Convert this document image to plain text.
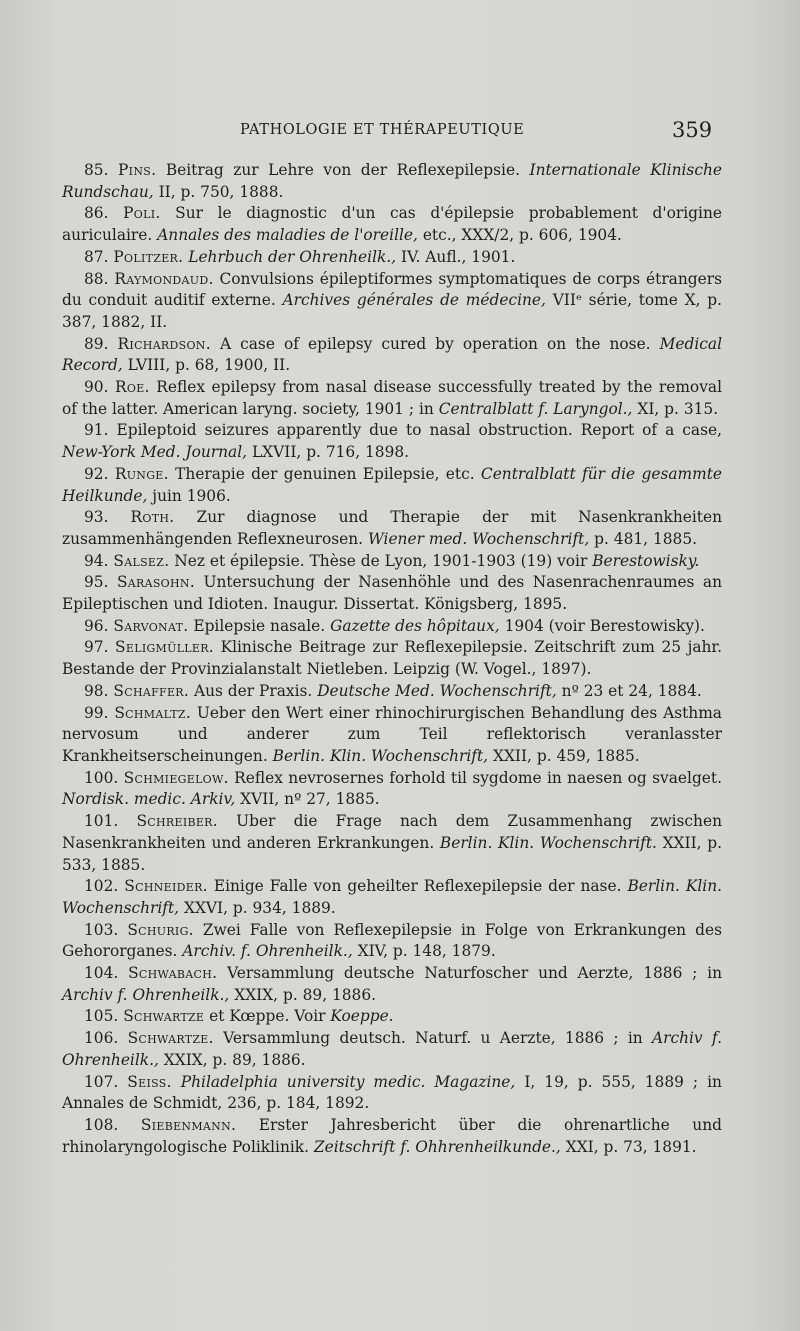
PATHOLOGIE ET THÉRAPEUTIQUE	359

85. Pins. Beitrag zur Lehre von der Reflexepilepsie. Internationale Klinische Rundschau, II, p. 750, 1888.

86. Poli. Sur le diagnostic d'un cas d'épilepsie probablement d'origine auriculaire. Annales des maladies de l'oreille, etc., XXX/2, p. 606, 1904.

87. Politzer. Lehrbuch der Ohrenheilk., IV. Aufl., 1901.

88. Raymondaud. Convulsions épileptiformes symptomatiques de corps étrangers du conduit auditif externe. Archives générales de médecine, VIIᵉ série, tome X, p. 387, 1882, II.

89. Richardson. A case of epilepsy cured by operation on the nose. Medical Record, LVIII, p. 68, 1900, II.

90. Roe. Reflex epilepsy from nasal disease successfully treated by the removal of the latter. American laryng. society, 1901 ; in Centralblatt f. Laryngol., XI, p. 315.

91. Epileptoid seizures apparently due to nasal obstruction. Report of a case, New-York Med. Journal, LXVII, p. 716, 1898.

92. Runge. Therapie der genuinen Epilepsie, etc. Centralblatt für die gesammte Heilkunde, juin 1906.

93. Roth. Zur diagnose und Therapie der mit Nasenkrankheiten zusammenhängenden Reflexneurosen. Wiener med. Wochenschrift, p. 481, 1885.

94. Salsez. Nez et épilepsie. Thèse de Lyon, 1901-1903 (19) voir Berestowisky.

95. Sarasohn. Untersuchung der Nasenhöhle und des Nasenrachenraumes an Epileptischen und Idioten. Inaugur. Dissertat. Königsberg, 1895.

96. Sarvonat. Epilepsie nasale. Gazette des hôpitaux, 1904 (voir Berestowisky).

97. Seligmüller. Klinische Beitrage zur Reflexepilepsie. Zeitschrift zum 25 jahr. Bestande der Provinzialanstalt Nietleben. Leipzig (W. Vogel., 1897).

98. Schaffer. Aus der Praxis. Deutsche Med. Wochenschrift, nº 23 et 24, 1884.

99. Schmaltz. Ueber den Wert einer rhinochirurgischen Behandlung des Asthma nervosum und anderer zum Teil reflektorisch veranlasster Krankheitserscheinungen. Berlin. Klin. Wochenschrift, XXII, p. 459, 1885.

100. Schmiegelow. Reflex nevrosernes forhold til sygdome in naesen og svaelget. Nordisk. medic. Arkiv, XVII, nº 27, 1885.

101. Schreiber. Uber die Frage nach dem Zusammenhang zwischen Nasenkrankheiten und anderen Erkrankungen. Berlin. Klin. Wochenschrift. XXII, p. 533, 1885.

102. Schneider. Einige Falle von geheilter Reflexepilepsie der nase. Berlin. Klin. Wochenschrift, XXVI, p. 934, 1889.

103. Schurig. Zwei Falle von Reflexepilepsie in Folge von Erkrankungen des Gehororganes. Archiv. f. Ohrenheilk., XIV, p. 148, 1879.

104. Schwabach. Versammlung deutsche Naturfoscher und Aerzte, 1886 ; in Archiv f. Ohrenheilk., XXIX, p. 89, 1886.

105. Schwartze et Kœppe. Voir Koeppe.

106. Schwartze. Versammlung deutsch. Naturf. u Aerzte, 1886 ; in Archiv f. Ohrenheilk., XXIX, p. 89, 1886.

107. Seiss. Philadelphia university medic. Magazine, I, 19, p. 555, 1889 ; in Annales de Schmidt, 236, p. 184, 1892.

108. Siebenmann. Erster Jahresbericht über die ohrenartliche und rhinolaryngologische Poliklinik. Zeitschrift f. Ohhrenheilkunde., XXI, p. 73, 1891.
